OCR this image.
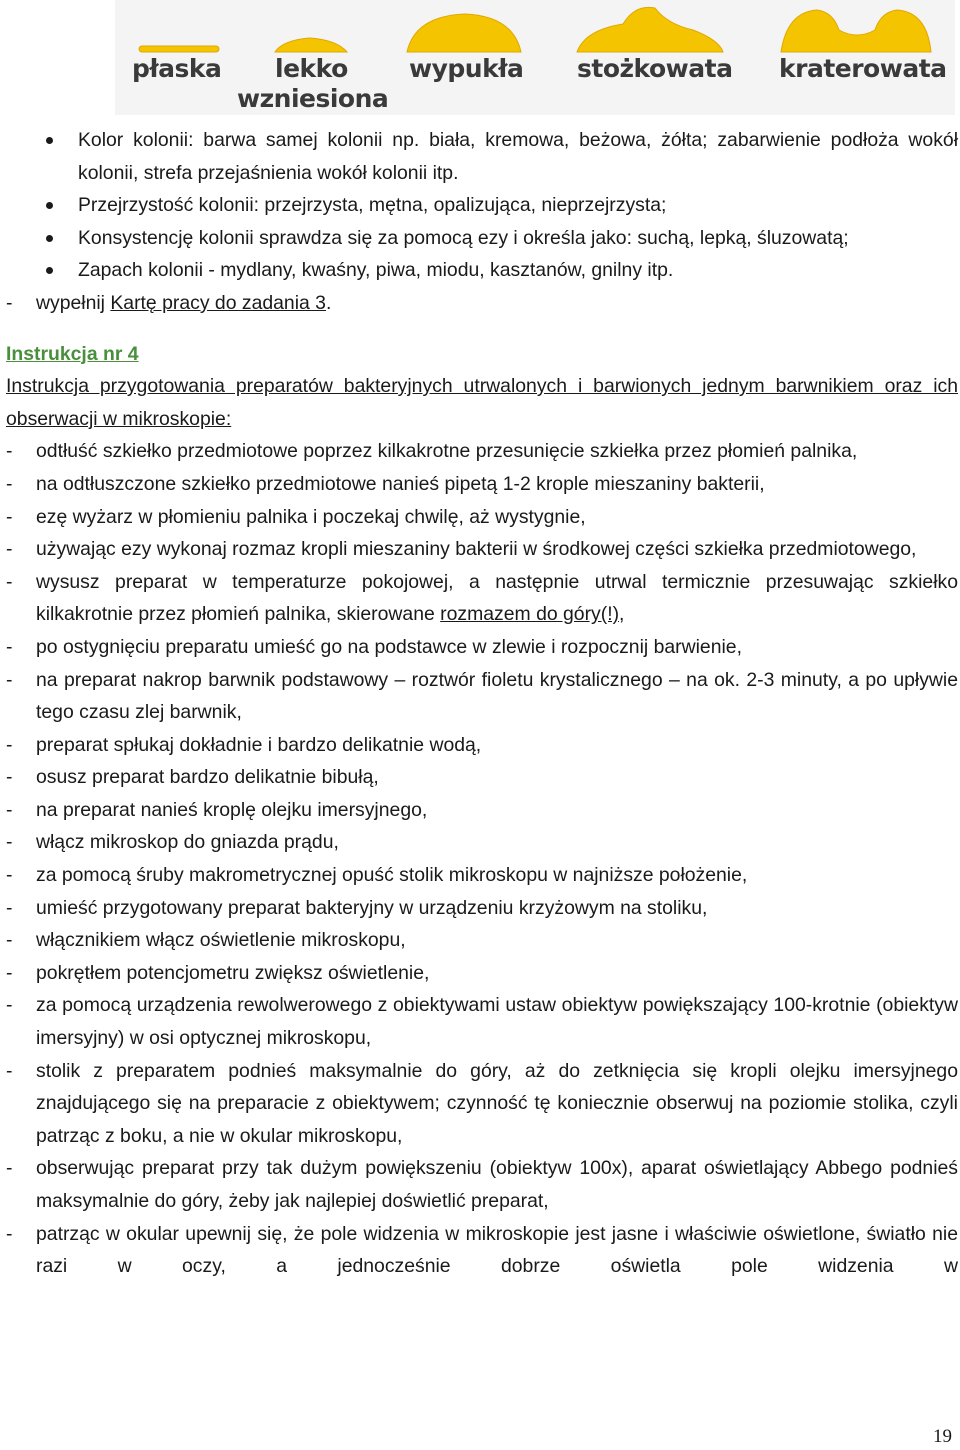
płaska lekko
wzniesiona
wypukła stożkowata kraterowata
Kolor kolonii: barwa samej kolonii np. biała, kremowa, beżowa, żółta; zabarwienie podłoża wokół kolonii, strefa przejaśnienia wokół kolonii itp.
Przejrzystość kolonii: przejrzysta, mętna, opalizująca, nieprzejrzysta;
Konsystencję kolonii sprawdza się za pomocą ezy i określa jako: suchą, lepką, śluzowatą;
Zapach kolonii - mydlany, kwaśny, piwa, miodu, kasztanów, gnilny itp.
- wypełnij Kartę pracy do zadania 3.
Instrukcja nr 4
Instrukcja przygotowania preparatów bakteryjnych utrwalonych i barwionych jednym barwnikiem oraz ich obserwacji w mikroskopie:
- odtłuść szkiełko przedmiotowe poprzez kilkakrotne przesunięcie szkiełka przez płomień palnika,
- na odtłuszczone szkiełko przedmiotowe nanieś pipetą 1-2 krople mieszaniny bakterii,
- ezę wyżarz w płomieniu palnika i poczekaj chwilę, aż wystygnie,
- używając ezy wykonaj rozmaz kropli mieszaniny bakterii w środkowej części szkiełka przedmiotowego,
- wysusz preparat w temperaturze pokojowej, a następnie utrwal termicznie przesuwając szkiełko kilkakrotnie przez płomień palnika, skierowane rozmazem do góry(!),
- po ostygnięciu preparatu umieść go na podstawce w zlewie i rozpocznij barwienie,
- na preparat nakrop barwnik podstawowy – roztwór fioletu krystalicznego – na ok. 2-3 minuty, a po upływie tego czasu zlej barwnik,
- preparat spłukaj dokładnie i bardzo delikatnie wodą,
- osusz preparat bardzo delikatnie bibułą,
- na preparat nanieś kroplę olejku imersyjnego,
- włącz mikroskop do gniazda prądu,
- za pomocą śruby makrometrycznej opuść stolik mikroskopu w najniższe położenie,
- umieść przygotowany preparat bakteryjny w urządzeniu krzyżowym na stoliku,
- włącznikiem włącz oświetlenie mikroskopu,
- pokrętłem potencjometru zwiększ oświetlenie,
- za pomocą urządzenia rewolwerowego z obiektywami ustaw obiektyw powiększający 100-krotnie (obiektyw imersyjny) w osi optycznej mikroskopu,
- stolik z preparatem podnieś maksymalnie do góry, aż do zetknięcia się kropli olejku imersyjnego znajdującego się na preparacie z obiektywem; czynność tę koniecznie obserwuj na poziomie stolika, czyli patrząc z boku, a nie w okular mikroskopu,
- obserwując preparat przy tak dużym powiększeniu (obiektyw 100x), aparat oświetlający Abbego podnieś maksymalnie do góry, żeby jak najlepiej doświetlić preparat,
- patrząc w okular upewnij się, że pole widzenia w mikroskopie jest jasne i właściwie oświetlone, światło nie razi w oczy, a jednocześnie dobrze oświetla pole widzenia w
19
